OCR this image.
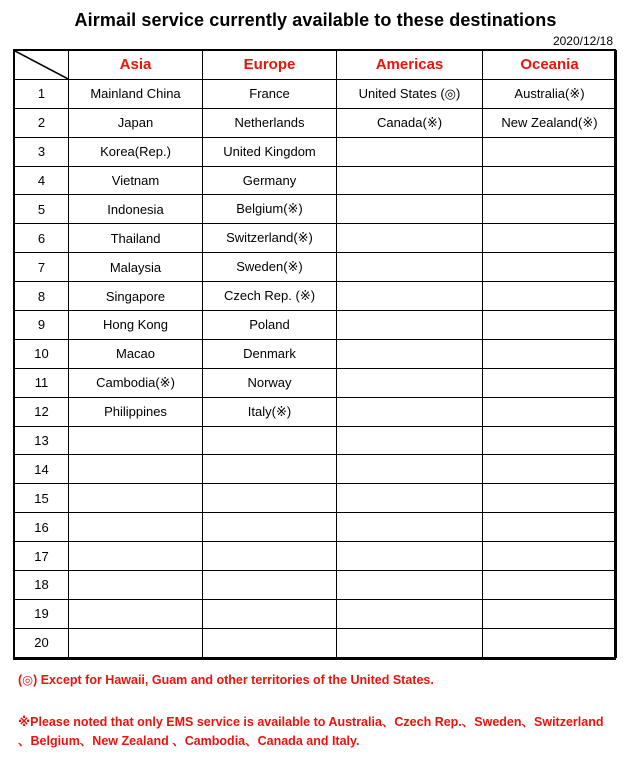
Airmail service currently available to these destinations
2020/12/18
	Asia	Europe	Americas	Oceania
1	Mainland China	France	United States (◎)	Australia(※)
2	Japan	Netherlands	Canada(※)	New Zealand(※)
3	Korea(Rep.)	United Kingdom		
4	Vietnam	Germany		
5	Indonesia	Belgium(※)		
6	Thailand	Switzerland(※)		
7	Malaysia	Sweden(※)		
8	Singapore	Czech Rep. (※)		
9	Hong Kong	Poland		
10	Macao	Denmark		
11	Cambodia(※)	Norway		
12	Philippines	Italy(※)		
13				
14				
15				
16				
17				
18				
19				
20				
(◎) Except for Hawaii, Guam and other territories of the United States.
※Please noted that only EMS service is available to Australia、Czech Rep.、Sweden、Switzerland 、Belgium、New Zealand 、Cambodia、Canada and Italy.
